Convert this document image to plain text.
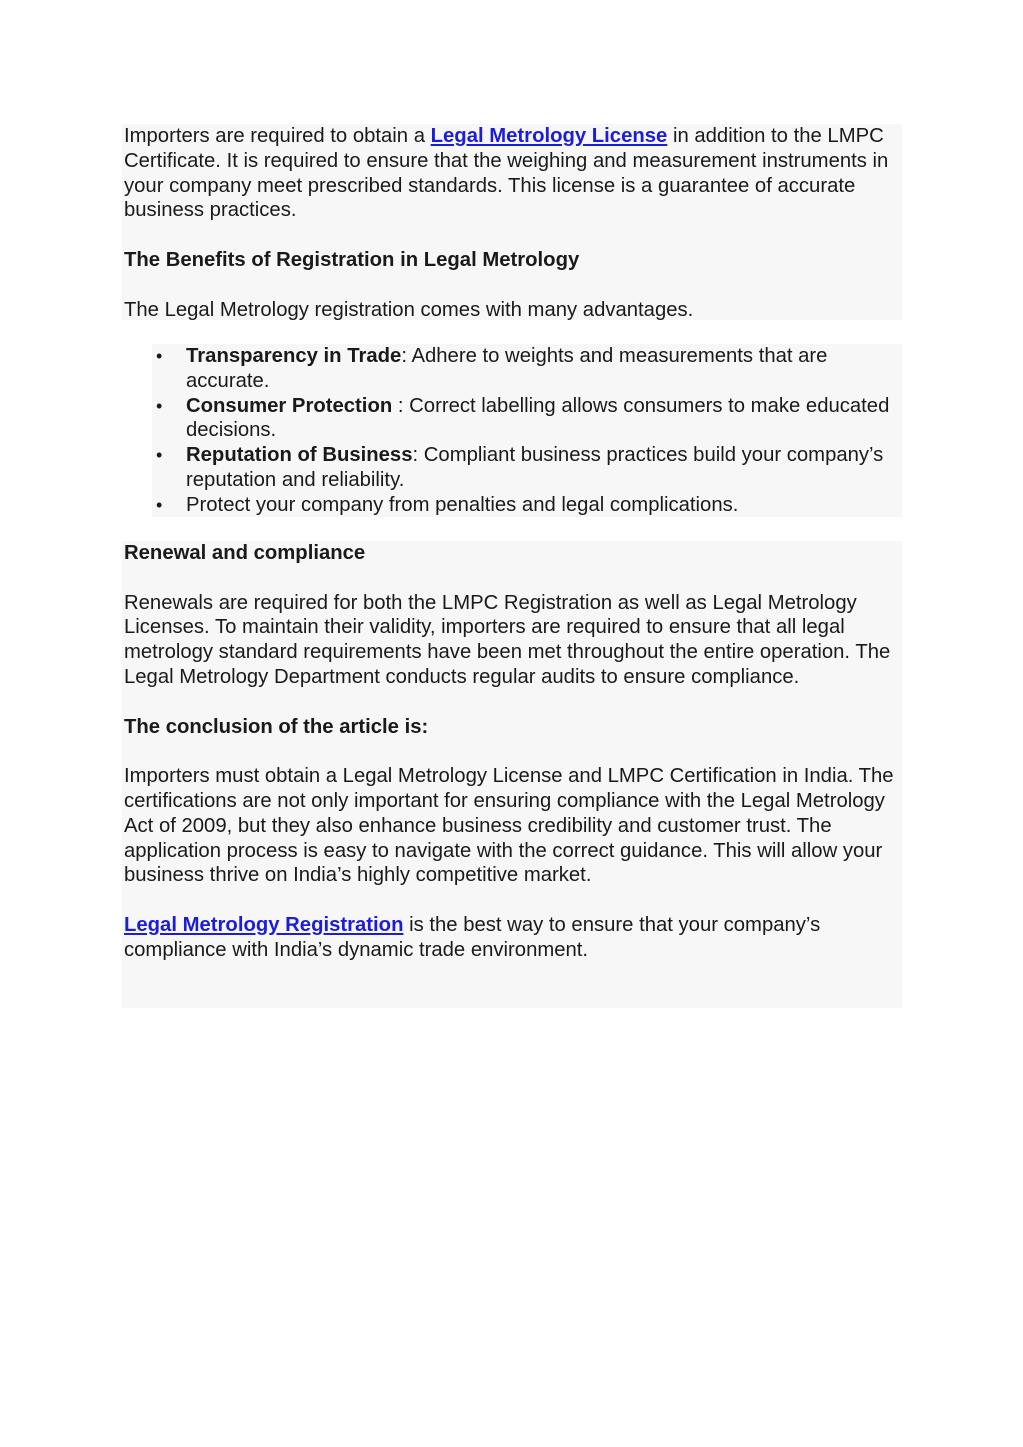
Importers are required to obtain a Legal Metrology License in addition to the LMPC Certificate. It is required to ensure that the weighing and measurement instruments in your company meet prescribed standards. This license is a guarantee of accurate business practices.

The Benefits of Registration in Legal Metrology

The Legal Metrology registration comes with many advantages.

• Transparency in Trade: Adhere to weights and measurements that are accurate.
• Consumer Protection : Correct labelling allows consumers to make educated decisions.
• Reputation of Business: Compliant business practices build your company’s reputation and reliability.
• Protect your company from penalties and legal complications.

Renewal and compliance

Renewals are required for both the LMPC Registration as well as Legal Metrology Licenses. To maintain their validity, importers are required to ensure that all legal metrology standard requirements have been met throughout the entire operation. The Legal Metrology Department conducts regular audits to ensure compliance.

The conclusion of the article is:

Importers must obtain a Legal Metrology License and LMPC Certification in India. The certifications are not only important for ensuring compliance with the Legal Metrology Act of 2009, but they also enhance business credibility and customer trust. The application process is easy to navigate with the correct guidance. This will allow your business thrive on India’s highly competitive market.

Legal Metrology Registration is the best way to ensure that your company’s compliance with India’s dynamic trade environment.
